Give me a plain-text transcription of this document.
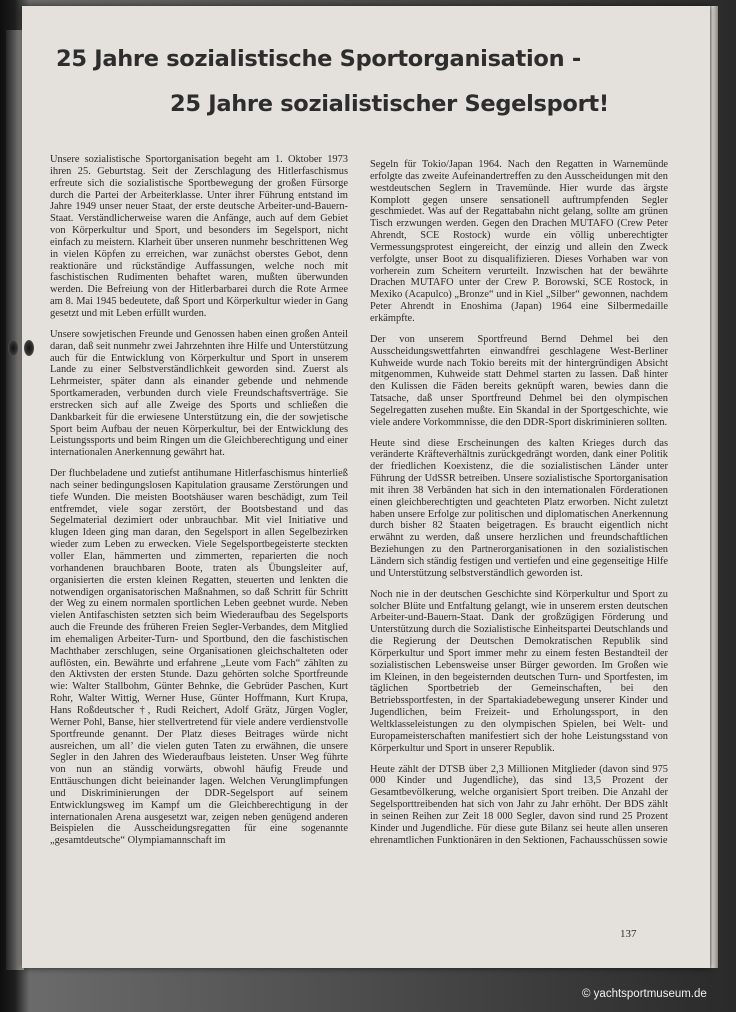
25 Jahre sozialistische Sportorganisation -
25 Jahre sozialistischer Segelsport!

Unsere sozialistische Sportorganisation begeht am 1. Oktober 1973 ihren 25. Geburtstag. Seit der Zerschlagung des Hitlerfaschismus erfreute sich die sozialistische Sportbewegung der großen Fürsorge durch die Partei der Arbeiterklasse. Unter ihrer Führung entstand im Jahre 1949 unser neuer Staat, der erste deutsche Arbeiter-und-Bauern-Staat. Verständlicherweise waren die Anfänge, auch auf dem Gebiet von Körperkultur und Sport, und besonders im Segelsport, nicht einfach zu meistern. Klarheit über unseren nunmehr beschrittenen Weg in vielen Köpfen zu erreichen, war zunächst oberstes Gebot, denn reaktionäre und rückständige Auffassungen, welche noch mit faschistischen Rudimenten behaftet waren, mußten überwunden werden. Die Befreiung von der Hitlerbarbarei durch die Rote Armee am 8. Mai 1945 bedeutete, daß Sport und Körperkultur wieder in Gang gesetzt und mit Leben erfüllt wurden.

Unsere sowjetischen Freunde und Genossen haben einen großen Anteil daran, daß seit nunmehr zwei Jahrzehnten ihre Hilfe und Unterstützung auch für die Entwicklung von Körperkultur und Sport in unserem Lande zu einer Selbstverständlichkeit geworden sind. Zuerst als Lehrmeister, später dann als einander gebende und nehmende Sportkameraden, verbunden durch viele Freundschaftsverträge. Sie erstrecken sich auf alle Zweige des Sports und schließen die Dankbarkeit für die erwiesene Unterstützung ein, die der sowjetische Sport beim Aufbau der neuen Körperkultur, bei der Entwicklung des Leistungssports und beim Ringen um die Gleichberechtigung und einer internationalen Anerkennung gewährt hat.

Der fluchbeladene und zutiefst antihumane Hitlerfaschismus hinterließ nach seiner bedingungslosen Kapitulation grausame Zerstörungen und tiefe Wunden. Die meisten Bootshäuser waren beschädigt, zum Teil entfremdet, viele sogar zerstört, der Bootsbestand und das Segelmaterial dezimiert oder unbrauchbar. Mit viel Initiative und klugen Ideen ging man daran, den Segelsport in allen Segelbezirken wieder zum Leben zu erwecken. Viele Segelsportbegeisterte steckten voller Elan, hämmerten und zimmerten, reparierten die noch vorhandenen brauchbaren Boote, traten als Übungsleiter auf, organisierten die ersten kleinen Regatten, steuerten und lenkten die notwendigen organisatorischen Maßnahmen, so daß Schritt für Schritt der Weg zu einem normalen sportlichen Leben geebnet wurde. Neben vielen Antifaschisten setzten sich beim Wiederaufbau des Segelsports auch die Freunde des früheren Freien Segler-Verbandes, dem Mitglied im ehemaligen Arbeiter-Turn- und Sportbund, den die faschistischen Machthaber zerschlugen, seine Organisationen gleichschalteten oder auflösten, ein. Bewährte und erfahrene „Leute vom Fach“ zählten zu den Aktivsten der ersten Stunde. Dazu gehörten solche Sportfreunde wie: Walter Stallbohm, Günter Behnke, die Gebrüder Paschen, Kurt Rohr, Walter Wittig, Werner Huse, Günter Hoffmann, Kurt Krupa, Hans Roßdeutscher †, Rudi Reichert, Adolf Grätz, Jürgen Vogler, Werner Pohl, Banse, hier stellvertretend für viele andere verdienstvolle Sportfreunde genannt. Der Platz dieses Beitrages würde nicht ausreichen, um all’ die vielen guten Taten zu erwähnen, die unsere Segler in den Jahren des Wiederaufbaus leisteten. Unser Weg führte von nun an ständig vorwärts, obwohl häufig Freude und Enttäuschungen dicht beieinander lagen. Welchen Verunglimpfungen und Diskriminierungen der DDR-Segelsport auf seinem Entwicklungsweg im Kampf um die Gleichberechtigung in der internationalen Arena ausgesetzt war, zeigen neben genügend anderen Beispielen die Ausscheidungsregatten für eine sogenannte „gesamtdeutsche“ Olympiamannschaft im

Segeln für Tokio/Japan 1964. Nach den Regatten in Warnemünde erfolgte das zweite Aufeinandertreffen zu den Ausscheidungen mit den westdeutschen Seglern in Travemünde. Hier wurde das ärgste Komplott gegen unsere sensationell auftrumpfenden Segler geschmiedet. Was auf der Regattabahn nicht gelang, sollte am grünen Tisch erzwungen werden. Gegen den Drachen MUTAFO (Crew Peter Ahrendt, SCE Rostock) wurde ein völlig unberechtigter Vermessungsprotest eingereicht, der einzig und allein den Zweck verfolgte, unser Boot zu disqualifizieren. Dieses Vorhaben war von vorherein zum Scheitern verurteilt. Inzwischen hat der bewährte Drachen MUTAFO unter der Crew P. Borowski, SCE Rostock, in Mexiko (Acapulco) „Bronze“ und in Kiel „Silber“ gewonnen, nachdem Peter Ahrendt in Enoshima (Japan) 1964 eine Silbermedaille erkämpfte.

Der von unserem Sportfreund Bernd Dehmel bei den Ausscheidungswettfahrten einwandfrei geschlagene West-Berliner Kuhweide wurde nach Tokio bereits mit der hintergründigen Absicht mitgenommen, Kuhweide statt Dehmel starten zu lassen. Daß hinter den Kulissen die Fäden bereits geknüpft waren, bewies dann die Tatsache, daß unser Sportfreund Dehmel bei den olympischen Segelregatten zusehen mußte. Ein Skandal in der Sportgeschichte, wie viele andere Vorkommnisse, die den DDR-Sport diskriminieren sollten.

Heute sind diese Erscheinungen des kalten Krieges durch das veränderte Kräfteverhältnis zurückgedrängt worden, dank einer Politik der friedlichen Koexistenz, die die sozialistischen Länder unter Führung der UdSSR betreiben. Unsere sozialistische Sportorganisation mit ihren 38 Verbänden hat sich in den internationalen Förderationen einen gleichberechtigten und geachteten Platz erworben. Nicht zuletzt haben unsere Erfolge zur politischen und diplomatischen Anerkennung durch bisher 82 Staaten beigetragen. Es braucht eigentlich nicht erwähnt zu werden, daß unsere herzlichen und freundschaftlichen Beziehungen zu den Partnerorganisationen in den sozialistischen Ländern sich ständig festigen und vertiefen und eine gegenseitige Hilfe und Unterstützung selbstverständlich geworden ist.

Noch nie in der deutschen Geschichte sind Körperkultur und Sport zu solcher Blüte und Entfaltung gelangt, wie in unserem ersten deutschen Arbeiter-und-Bauern-Staat. Dank der großzügigen Förderung und Unterstützung durch die Sozialistische Einheitspartei Deutschlands und die Regierung der Deutschen Demokratischen Republik sind Körperkultur und Sport immer mehr zu einem festen Bestandteil der sozialistischen Lebensweise unser Bürger geworden. Im Großen wie im Kleinen, in den begeisternden deutschen Turn- und Sportfesten, im täglichen Sportbetrieb der Gemeinschaften, bei den Betriebssportfesten, in der Spartakiadebewegung unserer Kinder und Jugendlichen, beim Freizeit- und Erholungssport, in den Weltklasseleistungen zu den olympischen Spielen, bei Welt- und Europameisterschaften manifestiert sich der hohe Leistungsstand von Körperkultur und Sport in unserer Republik.

Heute zählt der DTSB über 2,3 Millionen Mitglieder (davon sind 975 000 Kinder und Jugendliche), das sind 13,5 Prozent der Gesamtbevölkerung, welche organisiert Sport treiben. Die Anzahl der Segelsporttreibenden hat sich von Jahr zu Jahr erhöht. Der BDS zählt in seinen Reihen zur Zeit 18 000 Segler, davon sind rund 25 Prozent Kinder und Jugendliche. Für diese gute Bilanz sei heute allen unseren ehrenamtlichen Funktionären in den Sektionen, Fachausschüssen sowie

137
© yachtsportmuseum.de
